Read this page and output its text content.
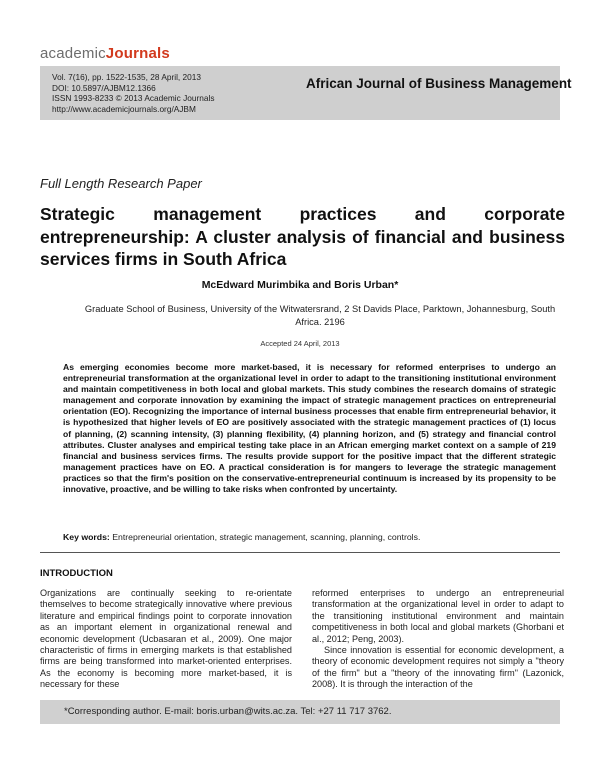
academicJournals
Vol. 7(16), pp. 1522-1535, 28 April, 2013
DOI: 10.5897/AJBM12.1366
ISSN 1993-8233 © 2013 Academic Journals
http://www.academicjournals.org/AJBM
African Journal of Business Management
Full Length Research Paper
Strategic management practices and corporate entrepreneurship: A cluster analysis of financial and business services firms in South Africa
McEdward Murimbika and Boris Urban*
Graduate School of Business, University of the Witwatersrand, 2 St Davids Place, Parktown, Johannesburg, South Africa. 2196
Accepted 24 April, 2013
As emerging economies become more market-based, it is necessary for reformed enterprises to undergo an entrepreneurial transformation at the organizational level in order to adapt to the transitioning institutional environment and maintain competitiveness in both local and global markets. This study combines the research domains of strategic management and corporate innovation by examining the impact of strategic management practices on entrepreneurial orientation (EO). Recognizing the importance of internal business processes that enable firm entrepreneurial behavior, it is hypothesized that higher levels of EO are positively associated with the strategic management practices of (1) locus of planning, (2) scanning intensity, (3) planning flexibility, (4) planning horizon, and (5) strategy and financial control attributes. Cluster analyses and empirical testing take place in an African emerging market context on a sample of 219 financial and business services firms. The results provide support for the positive impact that the different strategic management practices have on EO. A practical consideration is for mangers to leverage the strategic management practices so that the firm's position on the conservative-entrepreneurial continuum is increased by its propensity to be innovative, proactive, and be willing to take risks when confronted by uncertainty.
Key words: Entrepreneurial orientation, strategic management, scanning, planning, controls.
INTRODUCTION

Organizations are continually seeking to re-orientate themselves to become strategically innovative where previous literature and empirical findings point to corporate innovation as an important element in organizational renewal and economic development (Ucbasaran et al., 2009). One major characteristic of firms in emerging markets is that established firms are being transformed into market-oriented enterprises. As the economy is becoming more market-based, it is necessary for these

reformed enterprises to undergo an entrepreneurial transformation at the organizational level in order to adapt to the transitioning institutional environment and maintain competitiveness in both local and global markets (Ghorbani et al., 2012; Peng, 2003).

Since innovation is essential for economic development, a theory of economic development requires not simply a "theory of the firm" but a "theory of the innovating firm" (Lazonick, 2008). It is through the interaction of the

*Corresponding author. E-mail: boris.urban@wits.ac.za. Tel: +27 11 717 3762.
